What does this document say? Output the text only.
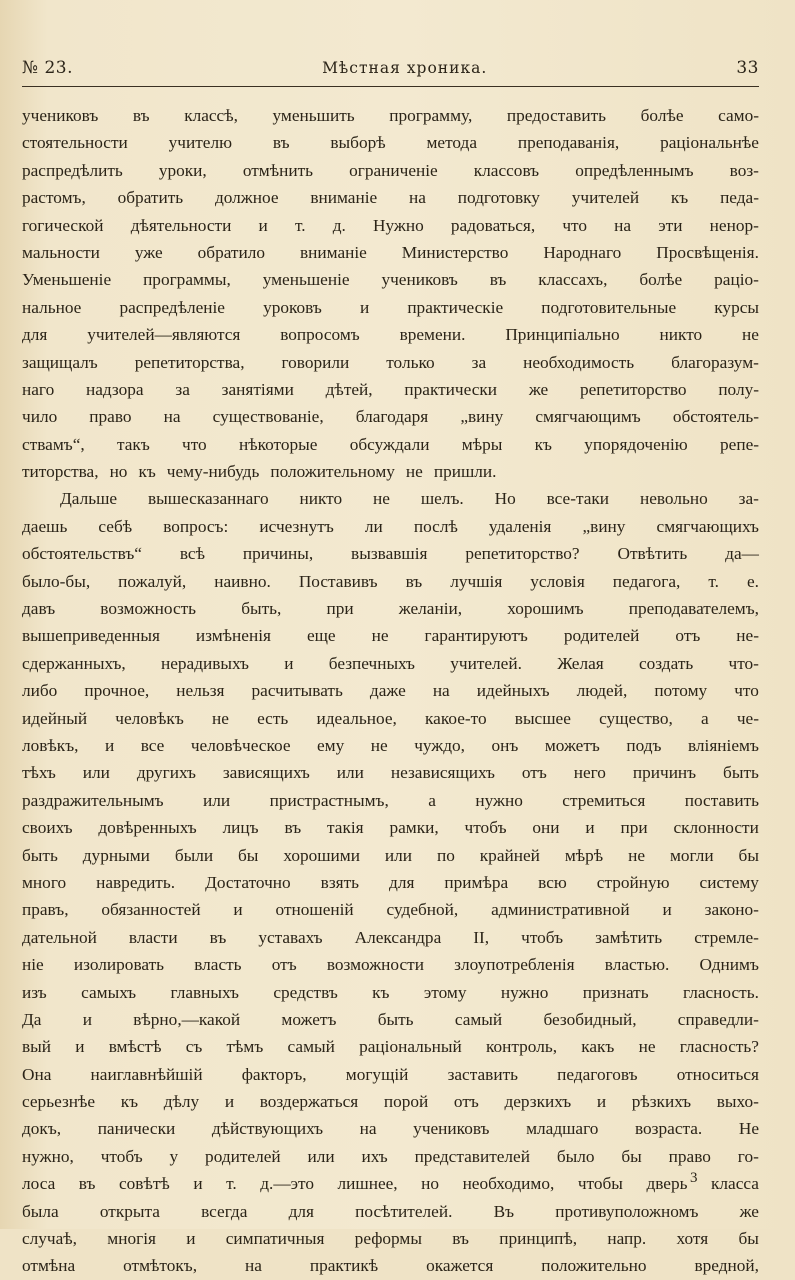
№ 23.	Мѣстная хроника.	33
учениковъ въ классѣ, уменьшить программу, предоставить болѣе само-
стоятельности учителю въ выборѣ метода преподаванія, раціональнѣе
распредѣлить уроки, отмѣнить ограниченіе классовъ опредѣленнымъ воз-
растомъ, обратить должное вниманіе на подготовку учителей къ педа-
гогической дѣятельности и т. д. Нужно радоваться, что на эти ненор-
мальности уже обратило вниманіе Министерство Народнаго Просвѣщенія.
Уменьшеніе программы, уменьшеніе учениковъ въ классахъ, болѣе раціо-
нальное распредѣленіе уроковъ и практическіе подготовительные курсы
для учителей—являются вопросомъ времени. Принципіально никто не
защищалъ репетиторства, говорили только за необходимость благоразум-
наго надзора за занятіями дѣтей, практически же репетиторство полу-
чило право на существованіе, благодаря „вину смягчающимъ обстоятель-
ствамъ“, такъ что нѣкоторые обсуждали мѣры къ упорядоченію репе-
титорства, но къ чему-нибудь положительному не пришли.
Дальше вышесказаннаго никто не шелъ. Но все-таки невольно за-
даешь себѣ вопросъ: исчезнутъ ли послѣ удаленія „вину смягчающихъ
обстоятельствъ“ всѣ причины, вызвавшія репетиторство? Отвѣтить да—
было-бы, пожалуй, наивно. Поставивъ въ лучшія условія педагога, т. е.
давъ	возможность	быть,	при	желаніи,	хорошимъ	преподавателемъ,
вышеприведенныя измѣненія еще не гарантируютъ родителей отъ не-
сдержанныхъ, нерадивыхъ и безпечныхъ учителей. Желая создать что-
либо прочное, нельзя расчитывать даже на идейныхъ людей, потому что
идейный человѣкъ не есть идеальное, какое-то высшее существо, а че-
ловѣкъ, и все человѣческое ему не чуждо, онъ можетъ подъ вліяніемъ
тѣхъ или другихъ зависящихъ или независящихъ отъ него причинъ быть
раздражительнымъ или пристрастнымъ, а нужно стремиться поставить
своихъ довѣренныхъ лицъ въ такія рамки, чтобъ они и при склонности
быть дурными были бы хорошими или по крайней мѣрѣ не могли бы
много навредить. Достаточно взять для примѣра всю стройную систему
правъ, обязанностей и отношеній судебной, административной и законо-
дательной власти въ уставахъ Александра II, чтобъ замѣтить стремле-
ніе изолировать власть отъ возможности злоупотребленія властью. Однимъ
изъ самыхъ главныхъ средствъ къ этому нужно признать гласность.
Да и вѣрно,—какой можетъ быть самый безобидный, справедли-
вый и вмѣстѣ съ тѣмъ самый раціональный контроль, какъ не гласность?
Она наиглавнѣйшій факторъ, могущій заставить педагоговъ относиться
серьезнѣе къ дѣлу и воздержаться порой отъ дерзкихъ и рѣзкихъ выхо-
докъ, панически дѣйствующихъ на учениковъ младшаго возраста. Не
нужно, чтобъ у родителей или ихъ представителей было бы право го-
лоса въ совѣтѣ и т. д.—это лишнее, но необходимо, чтобы дверь класса
была открыта всегда для посѣтителей. Въ противуположномъ же
случаѣ, многія и симпатичныя реформы въ принципѣ, напр. хотя бы
отмѣна	отмѣтокъ,	на	практикѣ	окажется	положительно	вредной,
3
